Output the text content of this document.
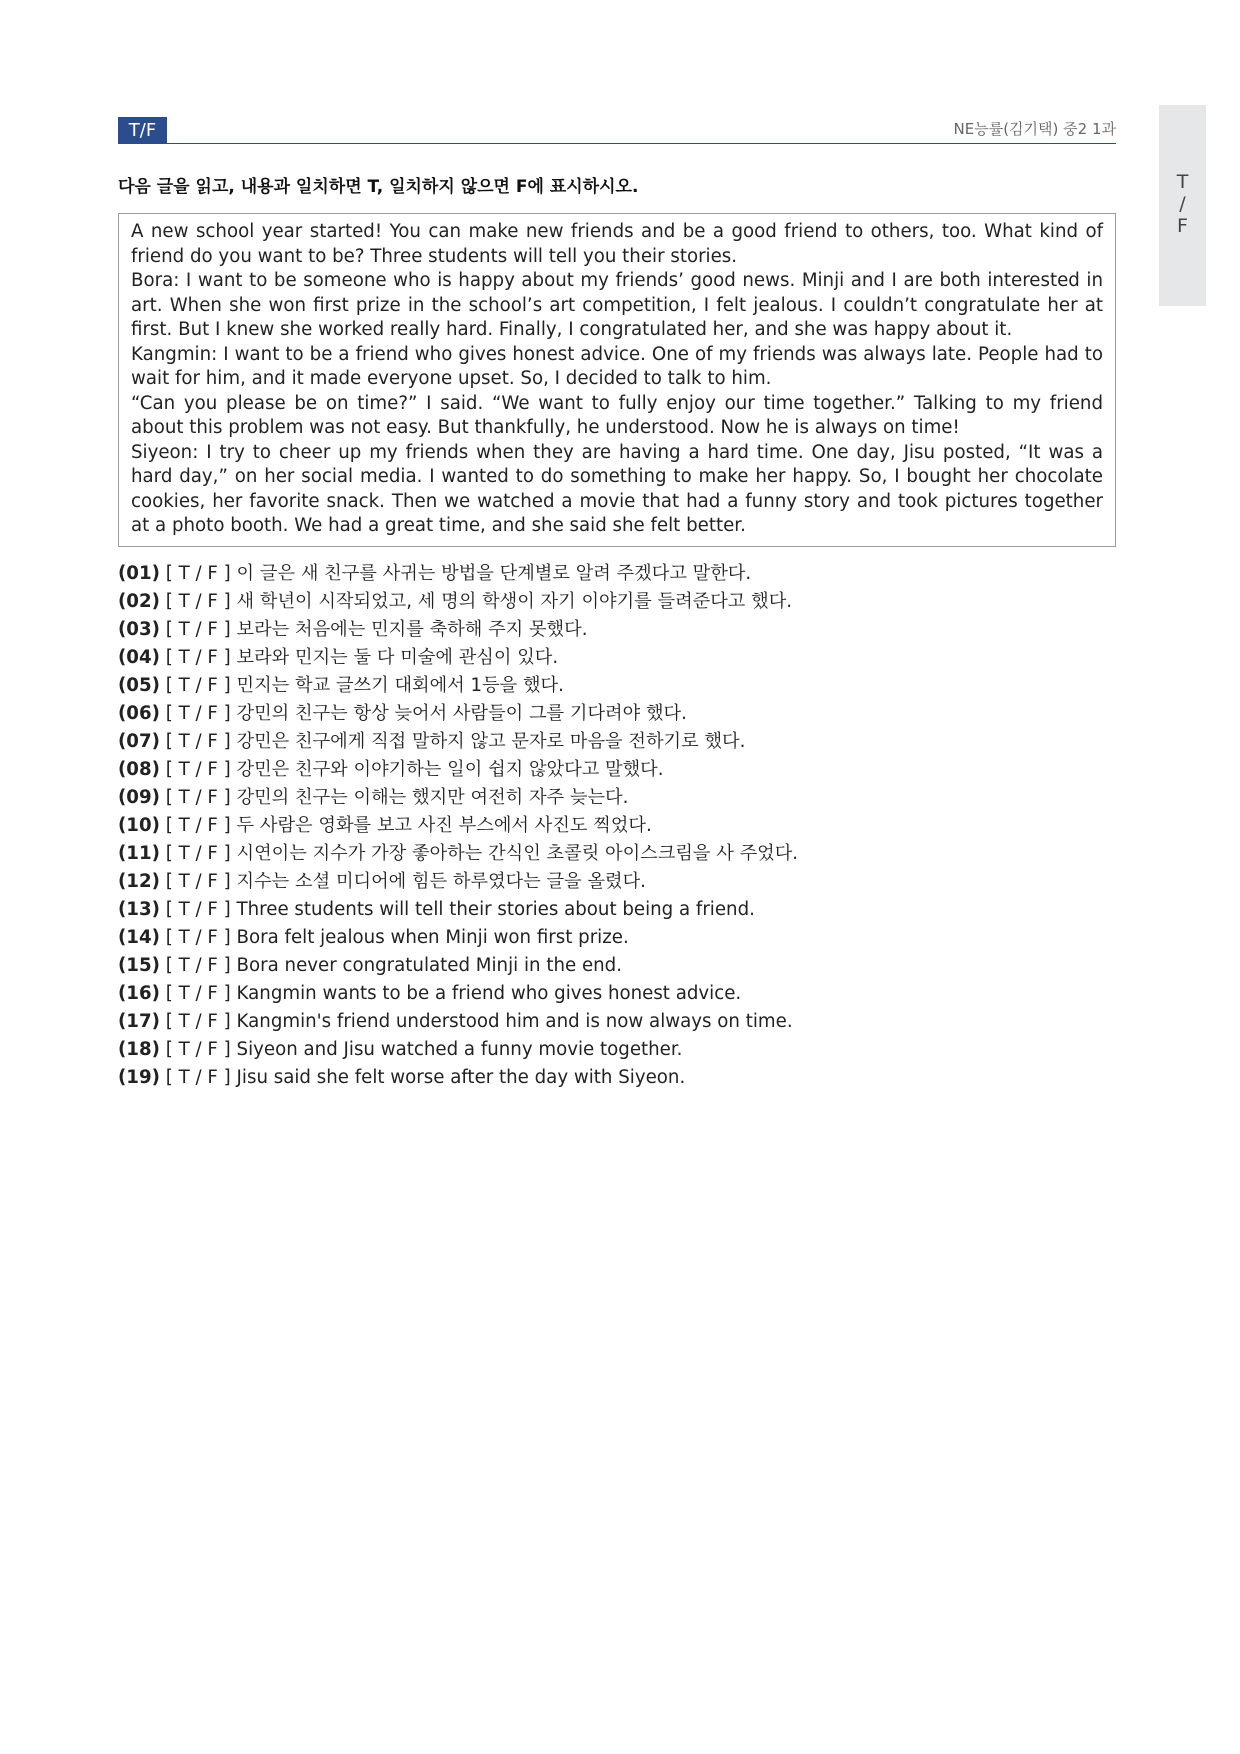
T
/
F
T/F	NE능률(김기택) 중2 1과
다음 글을 읽고, 내용과 일치하면 T, 일치하지 않으면 F에 표시하시오.

A new school year started! You can make new friends and be a good friend to others, too. What kind of friend do you want to be? Three students will tell you their stories.

Bora: I want to be someone who is happy about my friends’ good news. Minji and I are both interested in art. When she won first prize in the school’s art competition, I felt jealous. I couldn’t congratulate her at first. But I knew she worked really hard. Finally, I congratulated her, and she was happy about it.

Kangmin: I want to be a friend who gives honest advice. One of my friends was always late. People had to wait for him, and it made everyone upset. So, I decided to talk to him.

“Can you please be on time?” I said. “We want to fully enjoy our time together.” Talking to my friend about this problem was not easy. But thankfully, he understood. Now he is always on time!

Siyeon: I try to cheer up my friends when they are having a hard time. One day, Jisu posted, “It was a hard day,” on her social media. I wanted to do something to make her happy. So, I bought her chocolate cookies, her favorite snack. Then we watched a movie that had a funny story and took pictures together at a photo booth. We had a great time, and she said she felt better.

(01) [ T / F ] 이 글은 새 친구를 사귀는 방법을 단계별로 알려 주겠다고 말한다.
(02) [ T / F ] 새 학년이 시작되었고, 세 명의 학생이 자기 이야기를 들려준다고 했다.
(03) [ T / F ] 보라는 처음에는 민지를 축하해 주지 못했다.
(04) [ T / F ] 보라와 민지는 둘 다 미술에 관심이 있다.
(05) [ T / F ] 민지는 학교 글쓰기 대회에서 1등을 했다.
(06) [ T / F ] 강민의 친구는 항상 늦어서 사람들이 그를 기다려야 했다.
(07) [ T / F ] 강민은 친구에게 직접 말하지 않고 문자로 마음을 전하기로 했다.
(08) [ T / F ] 강민은 친구와 이야기하는 일이 쉽지 않았다고 말했다.
(09) [ T / F ] 강민의 친구는 이해는 했지만 여전히 자주 늦는다.
(10) [ T / F ] 두 사람은 영화를 보고 사진 부스에서 사진도 찍었다.
(11) [ T / F ] 시연이는 지수가 가장 좋아하는 간식인 초콜릿 아이스크림을 사 주었다.
(12) [ T / F ] 지수는 소셜 미디어에 힘든 하루였다는 글을 올렸다.
(13) [ T / F ] Three students will tell their stories about being a friend.
(14) [ T / F ] Bora felt jealous when Minji won first prize.
(15) [ T / F ] Bora never congratulated Minji in the end.
(16) [ T / F ] Kangmin wants to be a friend who gives honest advice.
(17) [ T / F ] Kangmin's friend understood him and is now always on time.
(18) [ T / F ] Siyeon and Jisu watched a funny movie together.
(19) [ T / F ] Jisu said she felt worse after the day with Siyeon.
